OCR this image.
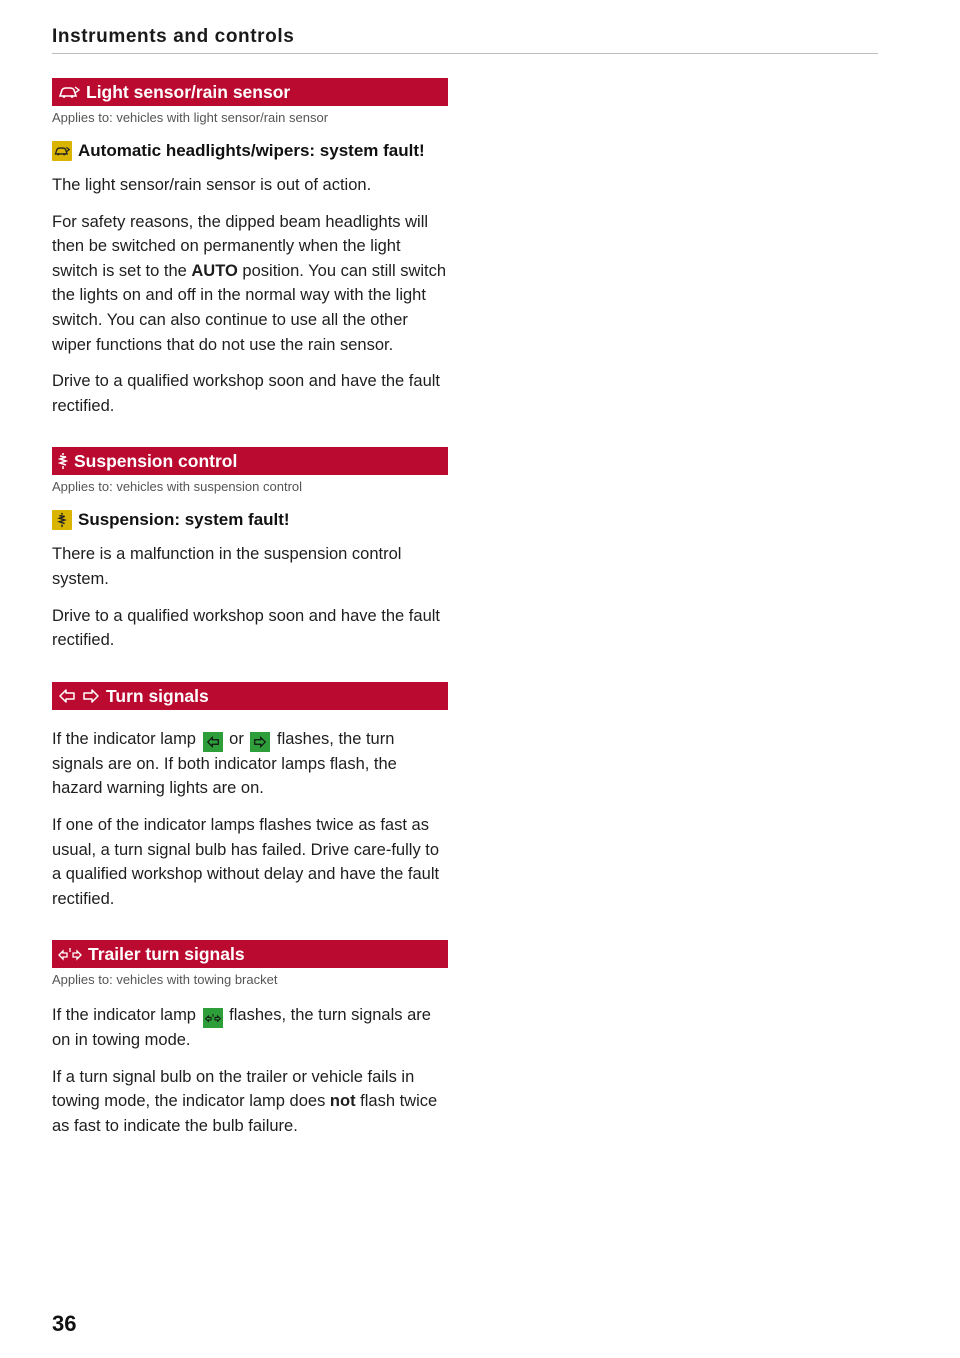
Instruments and controls
Light sensor/rain sensor
Applies to: vehicles with light sensor/rain sensor
Automatic headlights/wipers: system fault!

The light sensor/rain sensor is out of action.

For safety reasons, the dipped beam headlights will then be switched on permanently when the light switch is set to the AUTO position. You can still switch the lights on and off in the normal way with the light switch. You can also continue to use all the other wiper functions that do not use the rain sensor.

Drive to a qualified workshop soon and have the fault rectified.

Suspension control
Applies to: vehicles with suspension control
Suspension: system fault!

There is a malfunction in the suspension control system.

Drive to a qualified workshop soon and have the fault rectified.

Turn signals

If the indicator lamp
or
flashes, the turn signals are on. If both indicator lamps flash, the hazard warning lights are on.

If one of the indicator lamps flashes twice as fast as usual, a turn signal bulb has failed. Drive care-fully to a qualified workshop without delay and have the fault rectified.

Trailer turn signals
Applies to: vehicles with towing bracket

If the indicator lamp
flashes, the turn signals are on in towing mode.

If a turn signal bulb on the trailer or vehicle fails in towing mode, the indicator lamp does not flash twice as fast to indicate the bulb failure.

36
